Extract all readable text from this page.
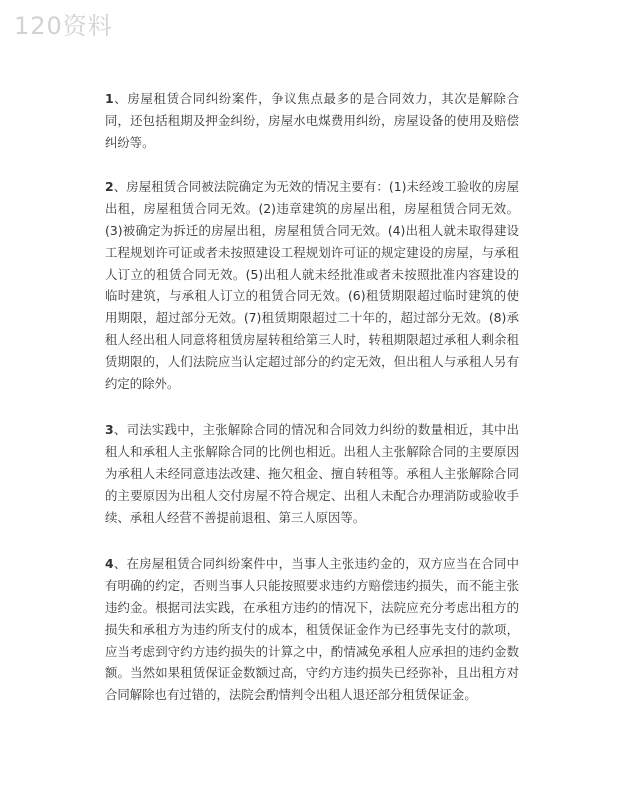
120资料

1、房屋租赁合同纠纷案件，争议焦点最多的是合同效力，其次是解除合同，还包括租期及押金纠纷，房屋水电煤费用纠纷，房屋设备的使用及赔偿纠纷等。

2、房屋租赁合同被法院确定为无效的情况主要有：(1)未经竣工验收的房屋出租，房屋租赁合同无效。(2)违章建筑的房屋出租，房屋租赁合同无效。(3)被确定为拆迁的房屋出租，房屋租赁合同无效。(4)出租人就未取得建设工程规划许可证或者未按照建设工程规划许可证的规定建设的房屋，与承租人订立的租赁合同无效。(5)出租人就未经批准或者未按照批准内容建设的临时建筑，与承租人订立的租赁合同无效。(6)租赁期限超过临时建筑的使用期限，超过部分无效。(7)租赁期限超过二十年的，超过部分无效。(8)承租人经出租人同意将租赁房屋转租给第三人时，转租期限超过承租人剩余租赁期限的，人们法院应当认定超过部分的约定无效，但出租人与承租人另有约定的除外。

3、司法实践中，主张解除合同的情况和合同效力纠纷的数量相近，其中出租人和承租人主张解除合同的比例也相近。出租人主张解除合同的主要原因为承租人未经同意违法改建、拖欠租金、擅自转租等。承租人主张解除合同的主要原因为出租人交付房屋不符合规定、出租人未配合办理消防或验收手续、承租人经营不善提前退租、第三人原因等。

4、在房屋租赁合同纠纷案件中，当事人主张违约金的，双方应当在合同中有明确的约定，否则当事人只能按照要求违约方赔偿违约损失，而不能主张违约金。根据司法实践，在承租方违约的情况下，法院应充分考虑出租方的损失和承租方为违约所支付的成本，租赁保证金作为已经事先支付的款项，应当考虑到守约方违约损失的计算之中，酌情减免承租人应承担的违约金数额。当然如果租赁保证金数额过高，守约方违约损失已经弥补，且出租方对合同解除也有过错的，法院会酌情判令出租人退还部分租赁保证金。
